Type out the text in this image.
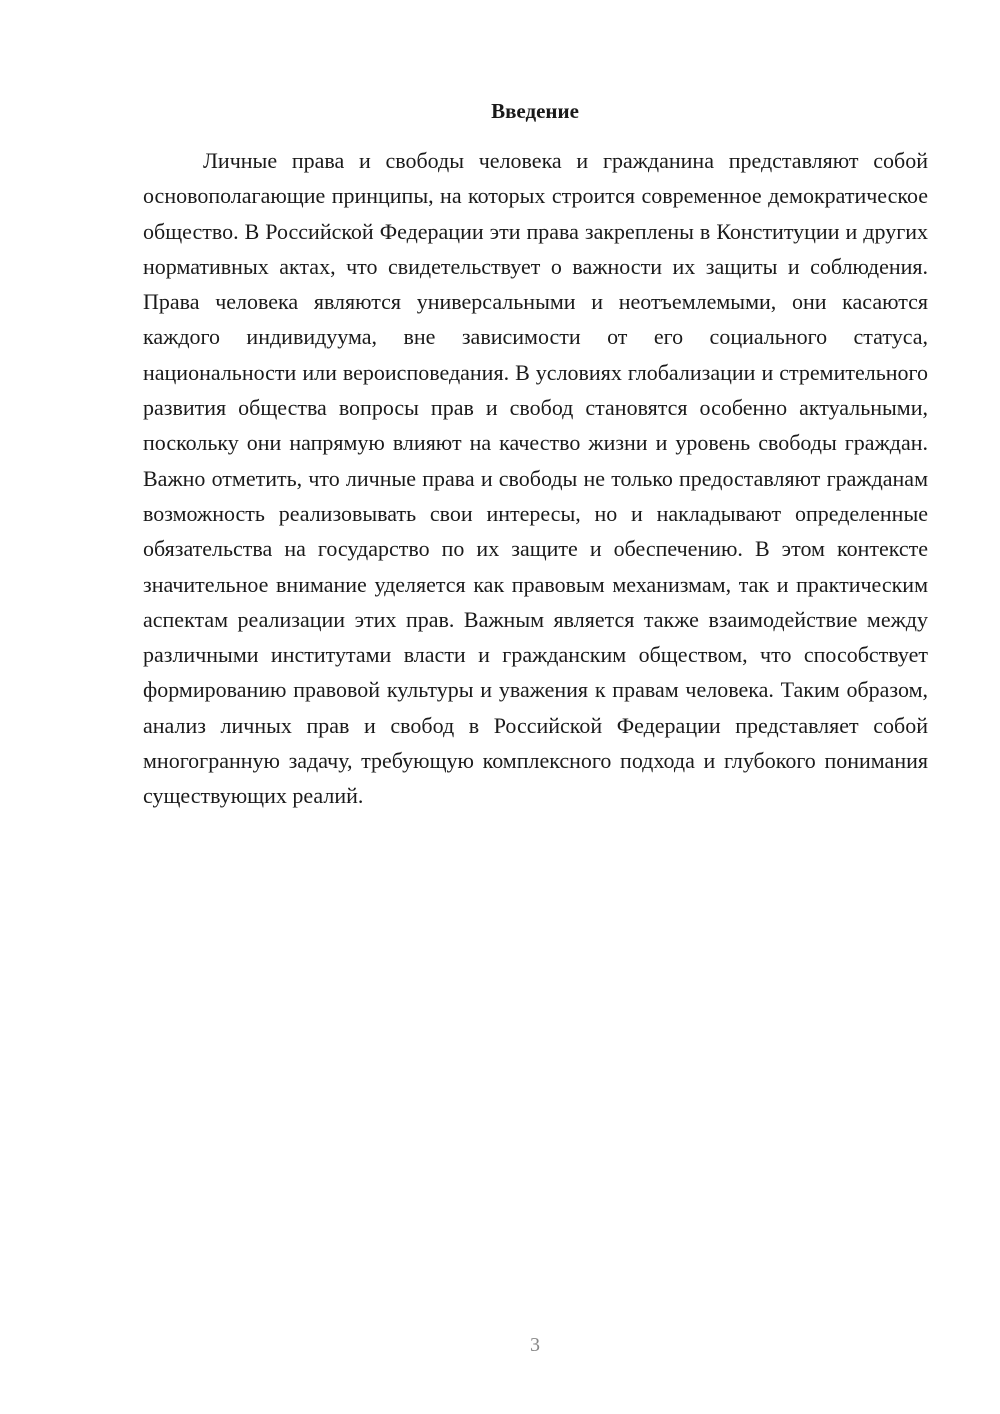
Введение

Личные права и свободы человека и гражданина представляют собой основополагающие принципы, на которых строится современное демократическое общество. В Российской Федерации эти права закреплены в Конституции и других нормативных актах, что свидетельствует о важности их защиты и соблюдения. Права человека являются универсальными и неотъемлемыми, они касаются каждого индивидуума, вне зависимости от его социального статуса, национальности или вероисповедания. В условиях глобализации и стремительного развития общества вопросы прав и свобод становятся особенно актуальными, поскольку они напрямую влияют на качество жизни и уровень свободы граждан. Важно отметить, что личные права и свободы не только предоставляют гражданам возможность реализовывать свои интересы, но и накладывают определенные обязательства на государство по их защите и обеспечению. В этом контексте значительное внимание уделяется как правовым механизмам, так и практическим аспектам реализации этих прав. Важным является также взаимодействие между различными институтами власти и гражданским обществом, что способствует формированию правовой культуры и уважения к правам человека. Таким образом, анализ личных прав и свобод в Российской Федерации представляет собой многогранную задачу, требующую комплексного подхода и глубокого понимания существующих реалий.

3
